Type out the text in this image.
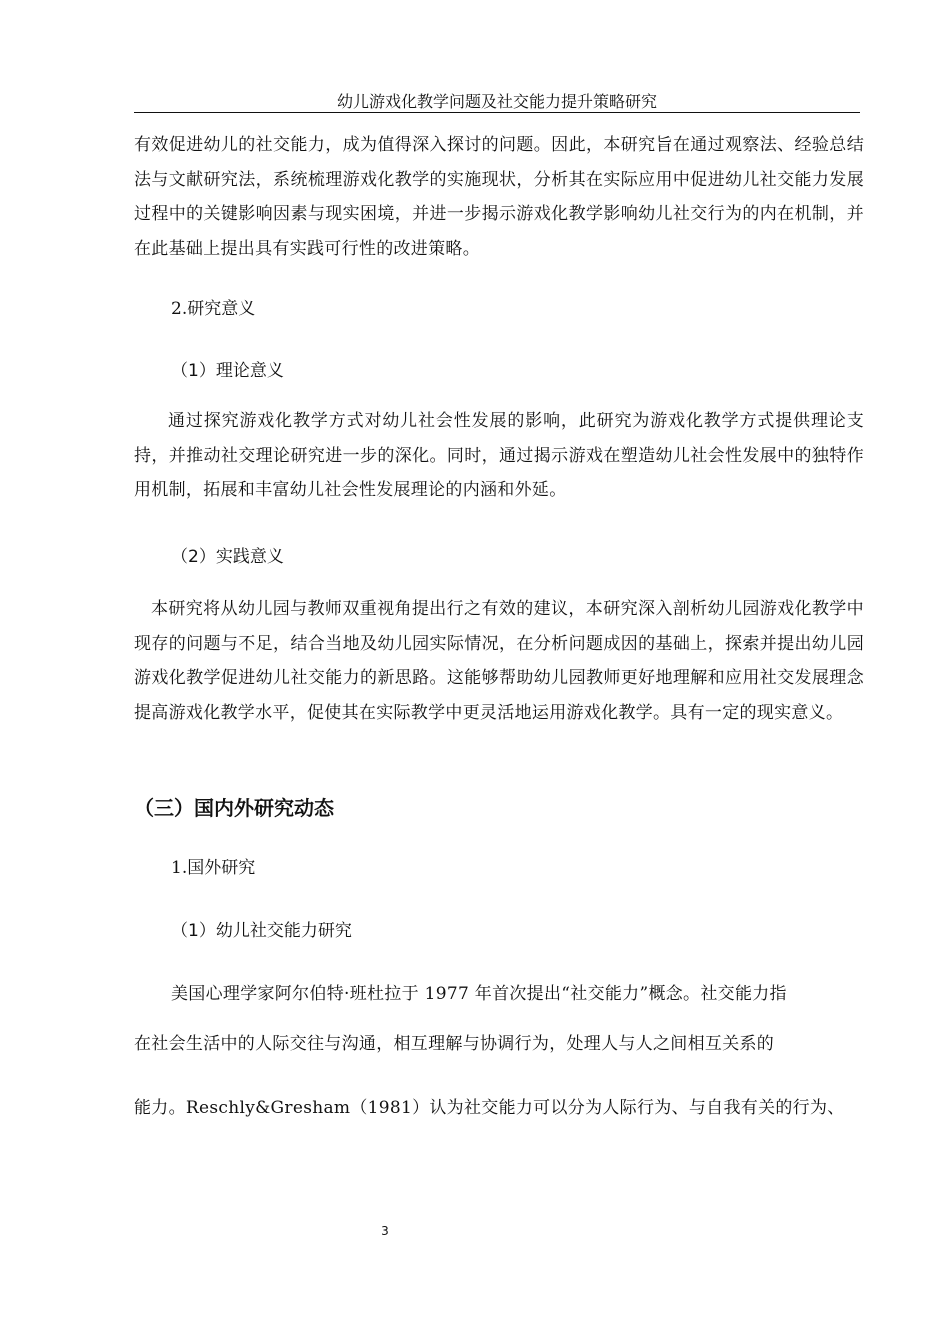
幼儿游戏化教学问题及社交能力提升策略研究
有效促进幼儿的社交能力，成为值得深入探讨的问题。因此，本研究旨在通过观察法、经验总结法与文献研究法，系统梳理游戏化教学的实施现状，分析其在实际应用中促进幼儿社交能力发展过程中的关键影响因素与现实困境，并进一步揭示游戏化教学影响幼儿社交行为的内在机制，并在此基础上提出具有实践可行性的改进策略。
2.研究意义
（1）理论意义
通过探究游戏化教学方式对幼儿社会性发展的影响，此研究为游戏化教学方式提供理论支持，并推动社交理论研究进一步的深化。同时，通过揭示游戏在塑造幼儿社会性发展中的独特作用机制，拓展和丰富幼儿社会性发展理论的内涵和外延。
（2）实践意义
本研究将从幼儿园与教师双重视角提出行之有效的建议，本研究深入剖析幼儿园游戏化教学中现存的问题与不足，结合当地及幼儿园实际情况，在分析问题成因的基础上，探索并提出幼儿园游戏化教学促进幼儿社交能力的新思路。这能够帮助幼儿园教师更好地理解和应用社交发展理念提高游戏化教学水平，促使其在实际教学中更灵活地运用游戏化教学。具有一定的现实意义。
（三）国内外研究动态
1.国外研究
（1）幼儿社交能力研究
美国心理学家阿尔伯特·班杜拉于 1977 年首次提出“社交能力”概念。社交能力指
在社会生活中的人际交往与沟通，相互理解与协调行为，处理人与人之间相互关系的
能力。Reschly&Gresham（1981）认为社交能力可以分为人际行为、与自我有关的行为、
3
